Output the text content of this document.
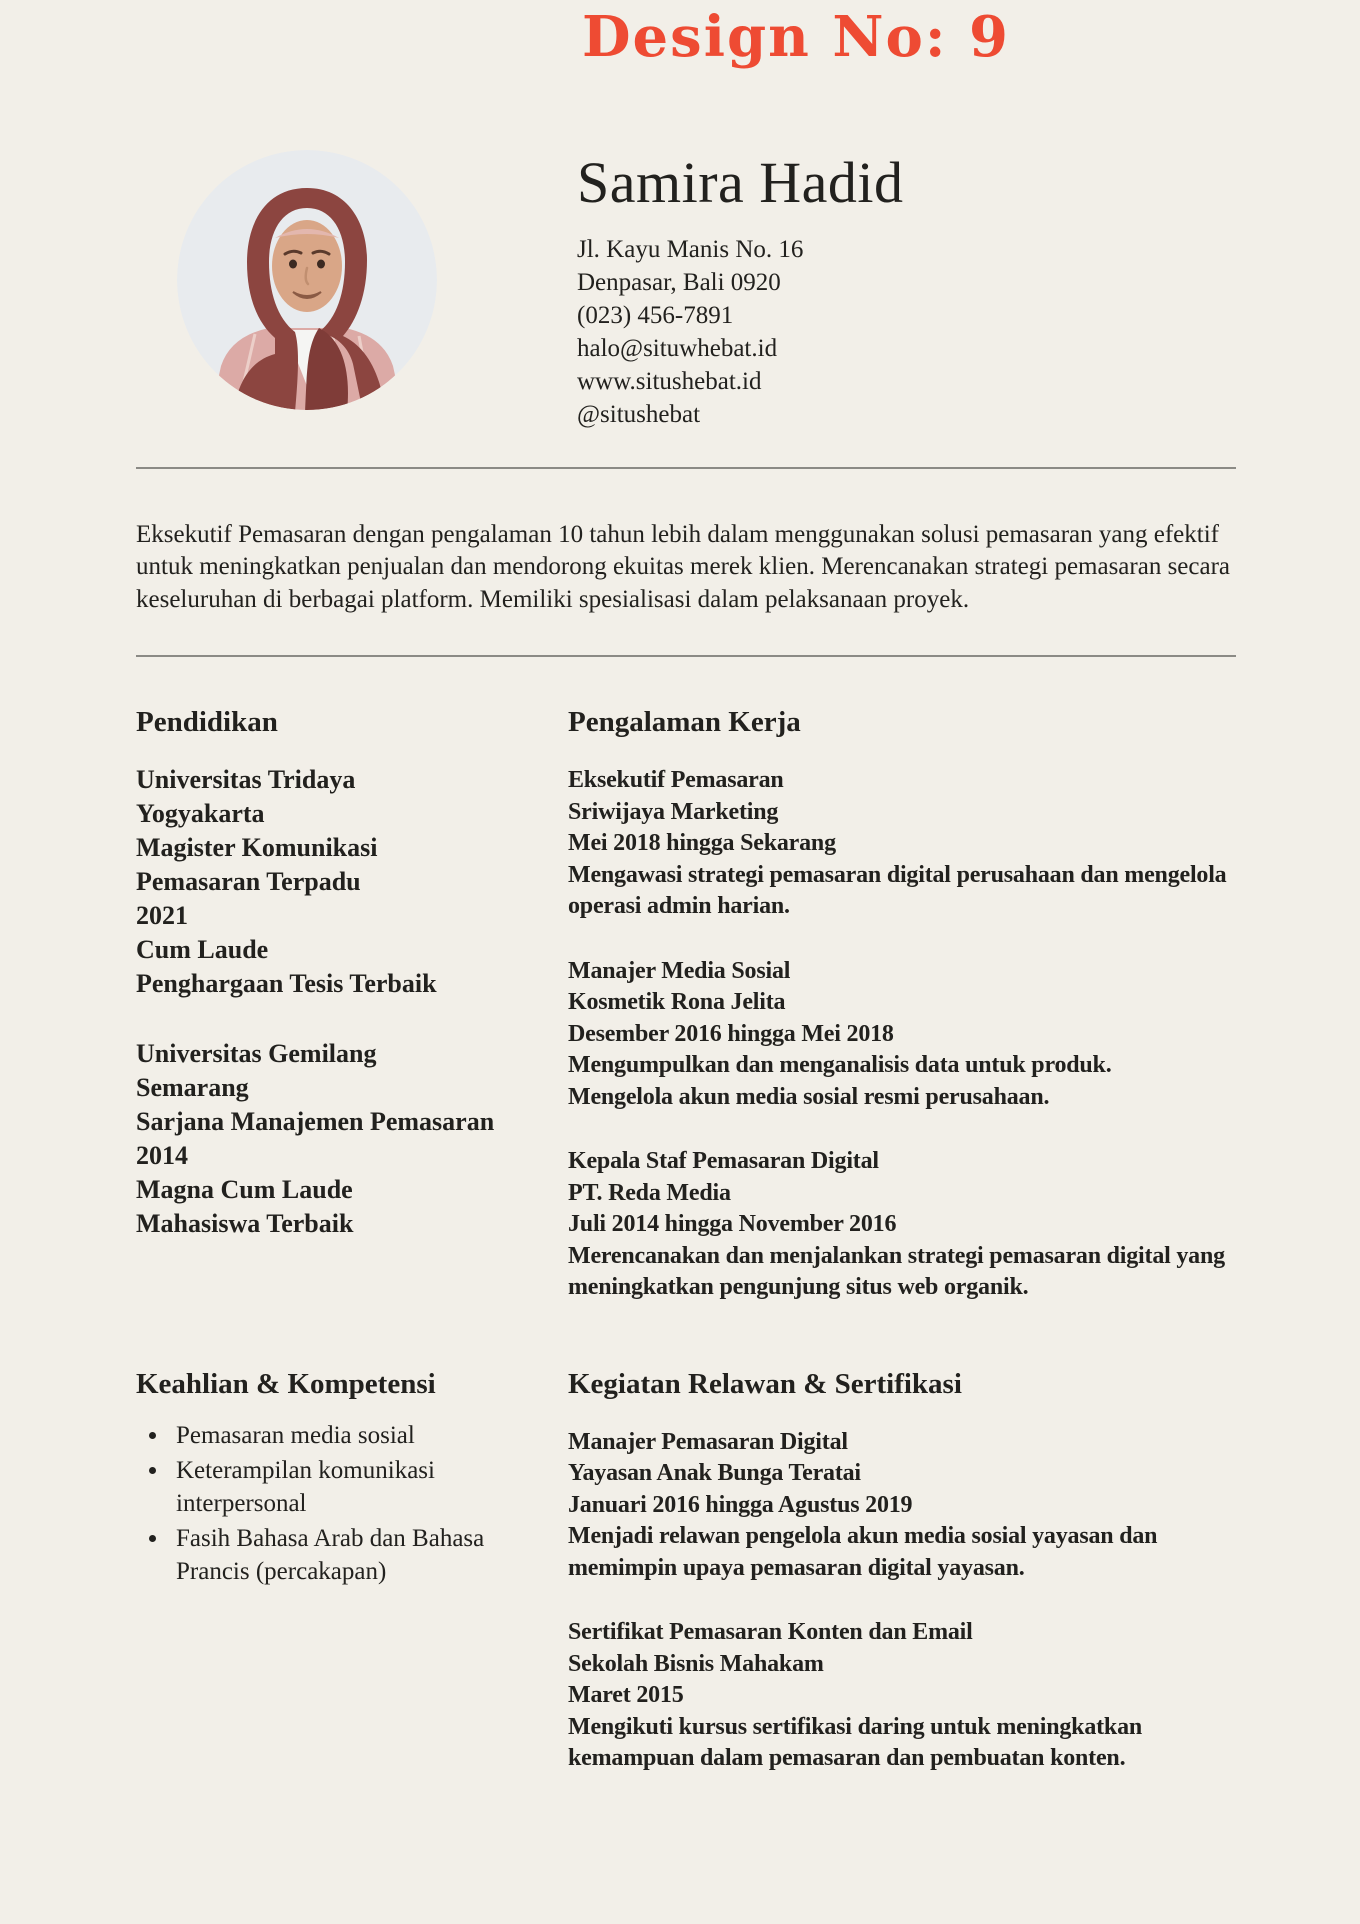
Design No: 9
Samira Hadid
Jl. Kayu Manis No. 16
Denpasar, Bali 0920
(023) 456-7891
halo@situwhebat.id
www.situshebat.id
@situshebat

Eksekutif Pemasaran dengan pengalaman 10 tahun lebih dalam menggunakan solusi pemasaran yang efektif untuk meningkatkan penjualan dan mendorong ekuitas merek klien. Merencanakan strategi pemasaran secara keseluruhan di berbagai platform. Memiliki spesialisasi dalam pelaksanaan proyek.

Pendidikan
Universitas Tridaya
Yogyakarta
Magister Komunikasi
Pemasaran Terpadu
2021
Cum Laude
Penghargaan Tesis Terbaik
Universitas Gemilang
Semarang
Sarjana Manajemen Pemasaran
2014
Magna Cum Laude
Mahasiswa Terbaik
Pengalaman Kerja
Eksekutif Pemasaran
Sriwijaya Marketing
Mei 2018 hingga Sekarang
Mengawasi strategi pemasaran digital perusahaan dan mengelola operasi admin harian.
Manajer Media Sosial
Kosmetik Rona Jelita
Desember 2016 hingga Mei 2018
Mengumpulkan dan menganalisis data untuk produk.
Mengelola akun media sosial resmi perusahaan.
Kepala Staf Pemasaran Digital
PT. Reda Media
Juli 2014 hingga November 2016
Merencanakan dan menjalankan strategi pemasaran digital yang meningkatkan pengunjung situs web organik.
Keahlian & Kompetensi
• Pemasaran media sosial
• Keterampilan komunikasi interpersonal
• Fasih Bahasa Arab dan Bahasa Prancis (percakapan)
Kegiatan Relawan & Sertifikasi
Manajer Pemasaran Digital
Yayasan Anak Bunga Teratai
Januari 2016 hingga Agustus 2019
Menjadi relawan pengelola akun media sosial yayasan dan memimpin upaya pemasaran digital yayasan.
Sertifikat Pemasaran Konten dan Email
Sekolah Bisnis Mahakam
Maret 2015
Mengikuti kursus sertifikasi daring untuk meningkatkan kemampuan dalam pemasaran dan pembuatan konten.
